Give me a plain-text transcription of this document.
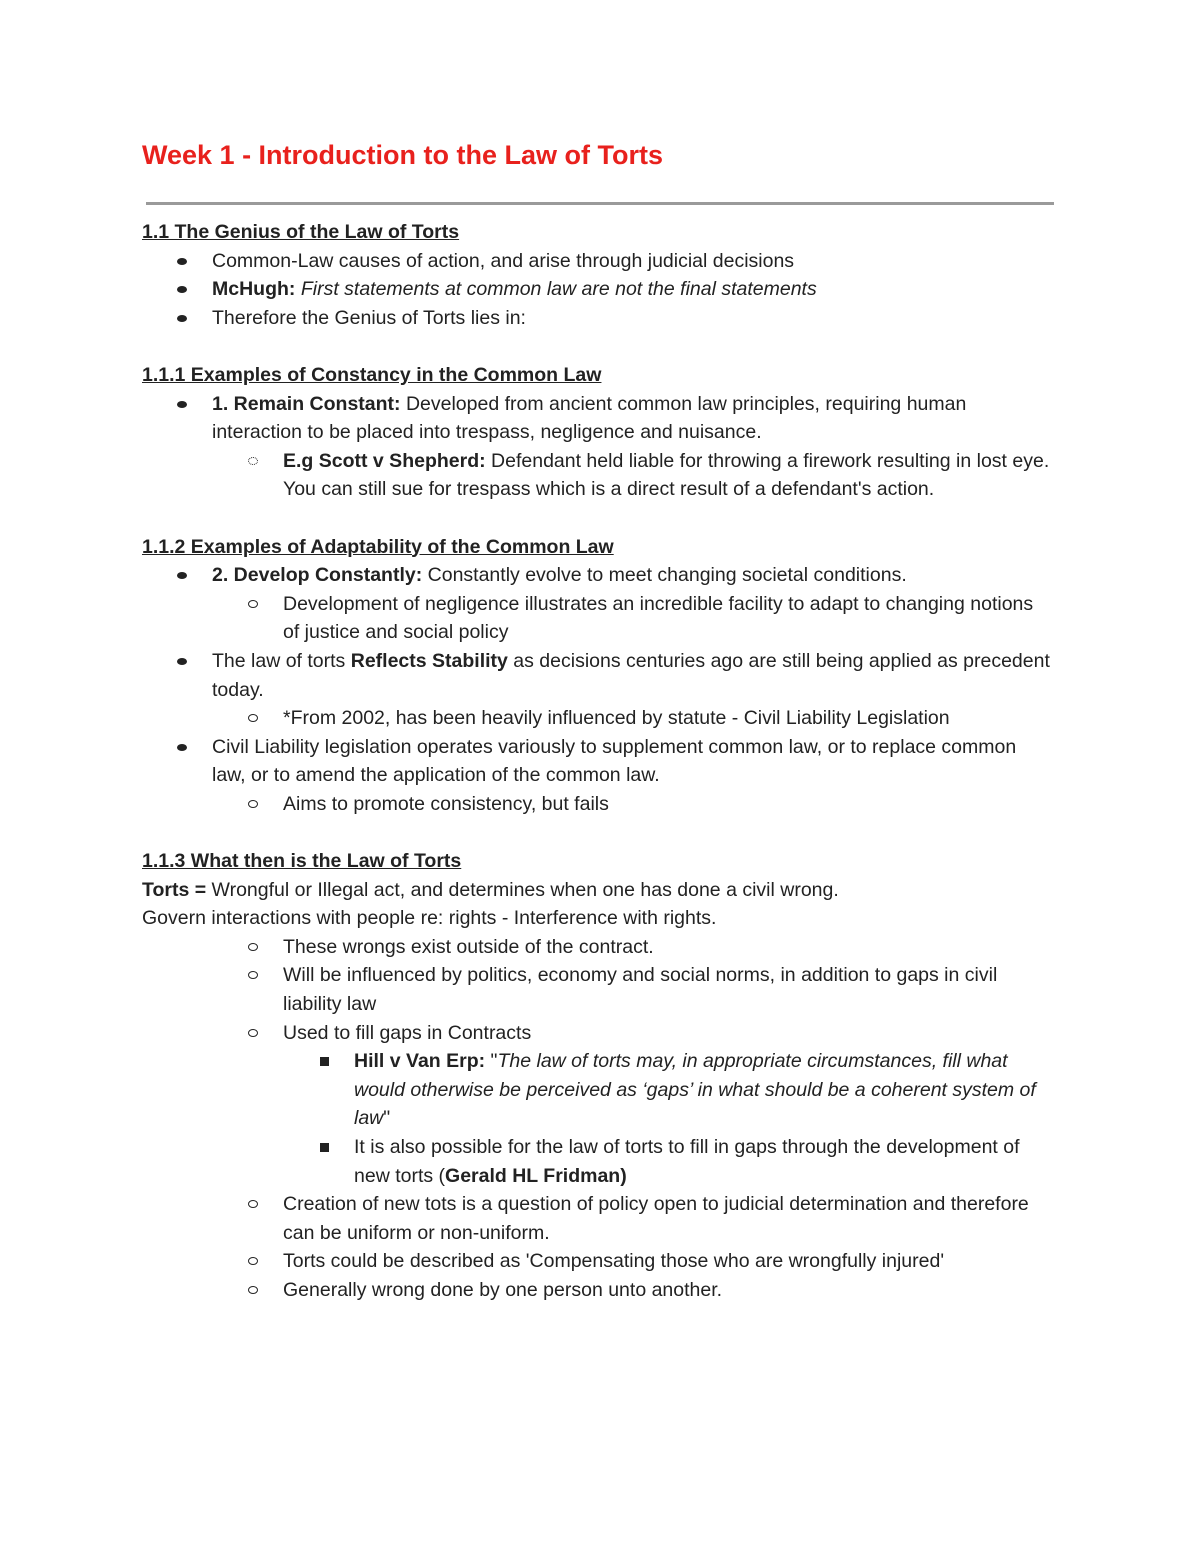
Week 1 - Introduction to the Law of Torts

1.1 The Genius of the Law of Torts

Common-Law causes of action, and arise through judicial decisions
McHugh: First statements at common law are not the final statements
Therefore the Genius of Torts lies in:

1.1.1 Examples of Constancy in the Common Law

1. Remain Constant: Developed from ancient common law principles, requiring human interaction to be placed into trespass, negligence and nuisance.
E.g Scott v Shepherd: Defendant held liable for throwing a firework resulting in lost eye. You can still sue for trespass which is a direct result of a defendant's action.

1.1.2 Examples of Adaptability of the Common Law

2. Develop Constantly: Constantly evolve to meet changing societal conditions.
Development of negligence illustrates an incredible facility to adapt to changing notions of justice and social policy
The law of torts Reflects Stability as decisions centuries ago are still being applied as precedent today.
*From 2002, has been heavily influenced by statute - Civil Liability Legislation
Civil Liability legislation operates variously to supplement common law, or to replace common law, or to amend the application of the common law.
Aims to promote consistency, but fails

1.1.3 What then is the Law of Torts

Torts = Wrongful or Illegal act, and determines when one has done a civil wrong.

Govern interactions with people re: rights - Interference with rights.

These wrongs exist outside of the contract.
Will be influenced by politics, economy and social norms, in addition to gaps in civil liability law
Used to fill gaps in Contracts
Hill v Van Erp: "The law of torts may, in appropriate circumstances, fill what would otherwise be perceived as ‘gaps’ in what should be a coherent system of law"
It is also possible for the law of torts to fill in gaps through the development of new torts (Gerald HL Fridman)
Creation of new tots is a question of policy open to judicial determination and therefore can be uniform or non-uniform.
Torts could be described as 'Compensating those who are wrongfully injured'
Generally wrong done by one person unto another.
